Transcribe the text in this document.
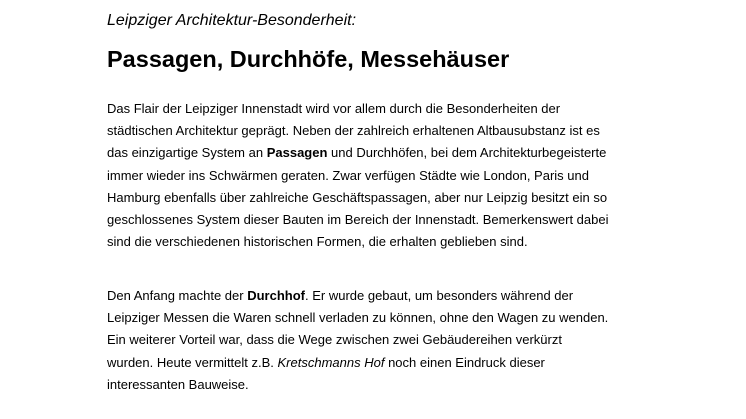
Leipziger Architektur-Besonderheit:
Passagen, Durchhöfe, Messehäuser

Das Flair der Leipziger Innenstadt wird vor allem durch die Besonderheiten der
städtischen Architektur geprägt. Neben der zahlreich erhaltenen Altbausubstanz ist es
das einzigartige System an Passagen und Durchhöfen, bei dem Architekturbegeisterte
immer wieder ins Schwärmen geraten. Zwar verfügen Städte wie London, Paris und
Hamburg ebenfalls über zahlreiche Geschäftspassagen, aber nur Leipzig besitzt ein so
geschlossenes System dieser Bauten im Bereich der Innenstadt. Bemerkenswert dabei
sind die verschiedenen historischen Formen, die erhalten geblieben sind.

Den Anfang machte der Durchhof. Er wurde gebaut, um besonders während der
Leipziger Messen die Waren schnell verladen zu können, ohne den Wagen zu wenden.
Ein weiterer Vorteil war, dass die Wege zwischen zwei Gebäudereihen verkürzt
wurden. Heute vermittelt z.B. Kretschmanns Hof noch einen Eindruck dieser
interessanten Bauweise.
